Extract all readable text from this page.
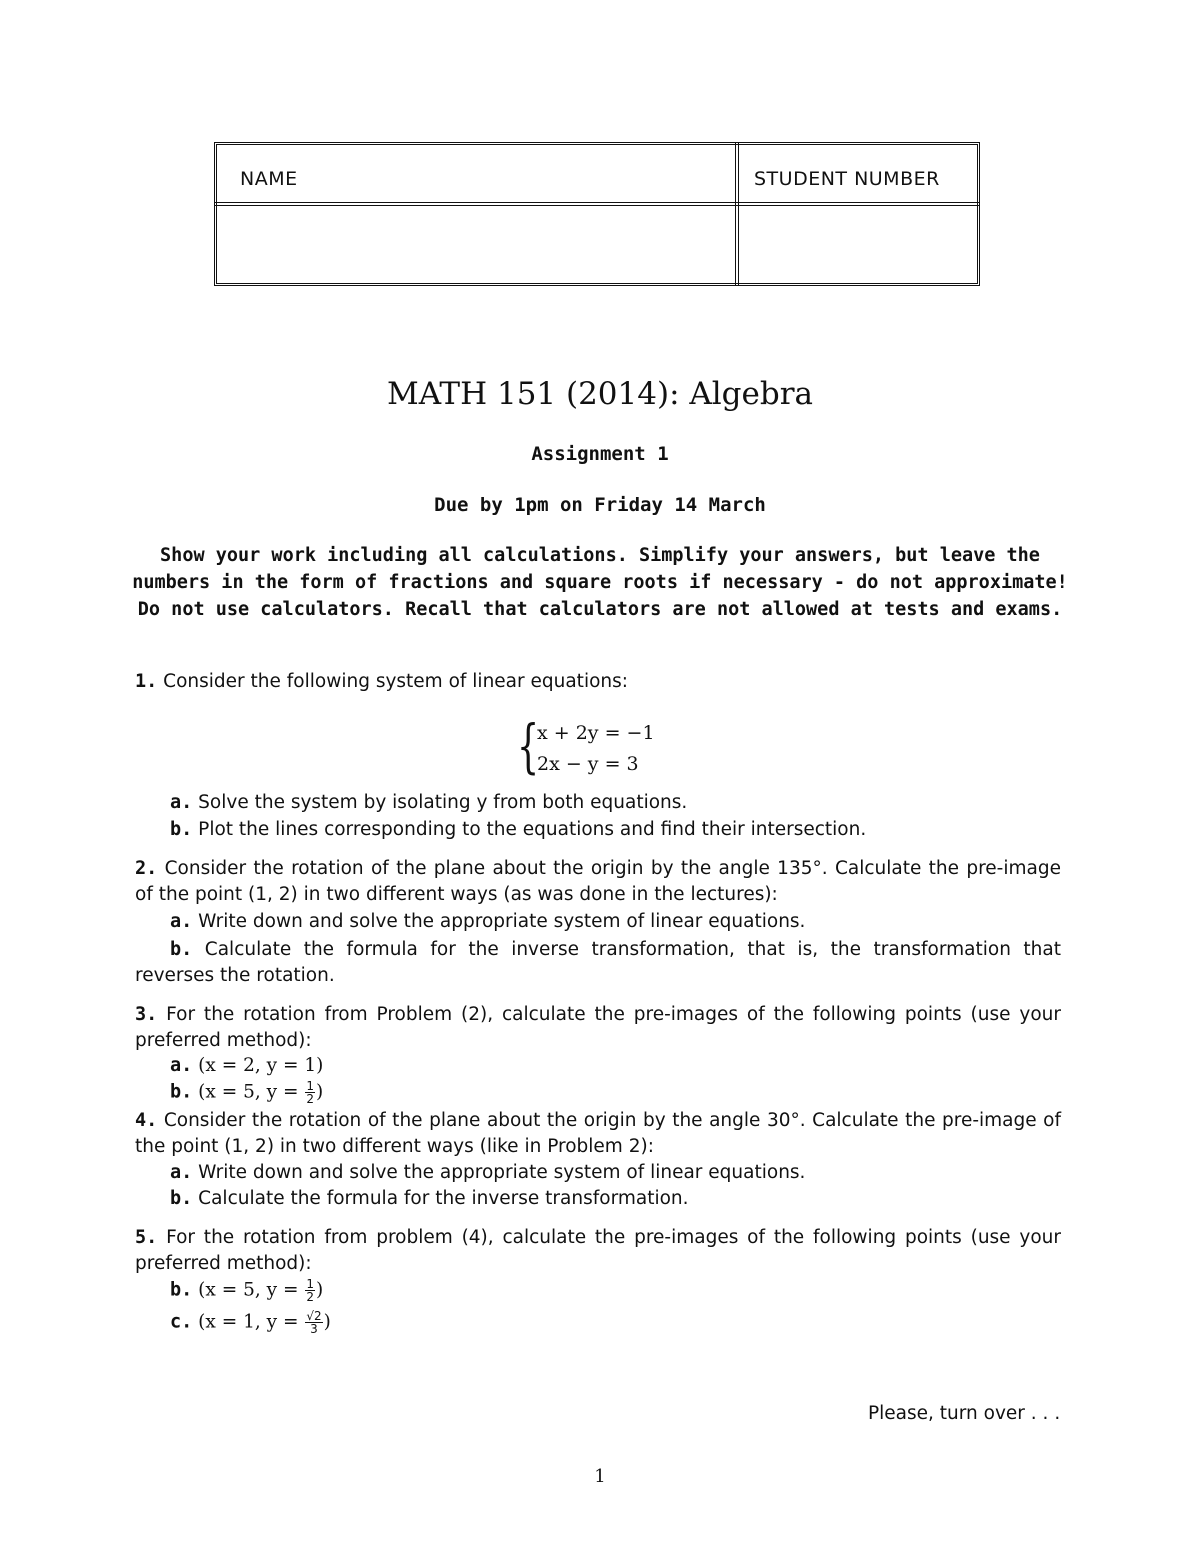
NAME	STUDENT NUMBER
MATH 151 (2014): Algebra
Assignment 1
Due by 1pm on Friday 14 March
Show your work including all calculations. Simplify your answers, but leave the
numbers in the form of fractions and square roots if necessary - do not approximate!
Do not use calculators. Recall that calculators are not allowed at tests and exams.
1. Consider the following system of linear equations:
{
x + 2y = −1
2x − y = 3
a. Solve the system by isolating y from both equations.
b. Plot the lines corresponding to the equations and find their intersection.
2. Consider the rotation of the plane about the origin by the angle 135°. Calculate the pre-image of the point (1, 2) in two different ways (as was done in the lectures):
a. Write down and solve the appropriate system of linear equations.
b. Calculate the formula for the inverse transformation, that is, the transformation that reverses the rotation.
3. For the rotation from Problem (2), calculate the pre-images of the following points (use your preferred method):
a. (x = 2, y = 1)
b. (x = 5, $y = \frac{1}{2}$ )
4. Consider the rotation of the plane about the origin by the angle 30°. Calculate the pre-image of the point (1, 2) in two different ways (like in Problem 2):
a. Write down and solve the appropriate system of linear equations.
b. Calculate the formula for the inverse transformation.
5. For the rotation from problem (4), calculate the pre-images of the following points (use your preferred method):
b. (x = 5, $y = \frac{1}{2}$ )
c. (x = 1, $y = \frac{√2}{3}$ )
Please, turn over . . .
1
